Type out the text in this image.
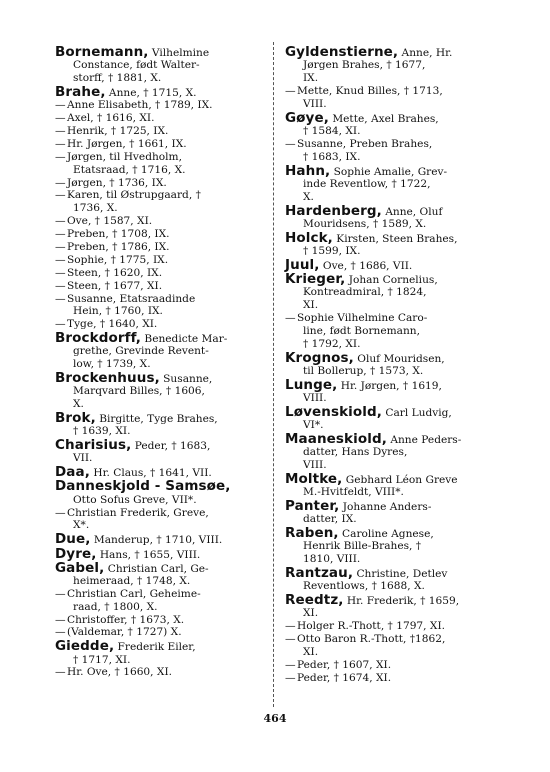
Bornemann, Vilhelmine
Constance, født Walter-
storff, † 1881, X.
Brahe, Anne, † 1715, X.
—Anne Elisabeth, † 1789, IX.
—Axel, † 1616, XI.
—Henrik, † 1725, IX.
—Hr. Jørgen, † 1661, IX.
—Jørgen, til Hvedholm,
Etatsraad, † 1716, X.
—Jørgen, † 1736, IX.
—Karen, til Østrupgaard, †
1736, X.
—Ove, † 1587, XI.
—Preben, † 1708, IX.
—Preben, † 1786, IX.
—Sophie, † 1775, IX.
—Steen, † 1620, IX.
—Steen, † 1677, XI.
—Susanne, Etatsraadinde
Hein, † 1760, IX.
—Tyge, † 1640, XI.
Brockdorff, Benedicte Mar-
grethe, Grevinde Revent-
low, † 1739, X.
Brockenhuus, Susanne,
Marqvard Billes, † 1606,
X.
Brok, Birgitte, Tyge Brahes,
† 1639, XI.
Charisius, Peder, † 1683,
VII.
Daa, Hr. Claus, † 1641, VII.
Danneskjold - Samsøe,
Otto Sofus Greve, VII*.
—Christian Frederik, Greve,
X*.
Due, Manderup, † 1710, VIII.
Dyre, Hans, † 1655, VIII.
Gabel, Christian Carl, Ge-
heimeraad, † 1748, X.
—Christian Carl, Geheime-
raad, † 1800, X.
—Christoffer, † 1673, X.
—(Valdemar, † 1727) X.
Giedde, Frederik Eiler,
† 1717, XI.
—Hr. Ove, † 1660, XI.
Gyldenstierne, Anne, Hr.
Jørgen Brahes, † 1677,
IX.
—Mette, Knud Billes, † 1713,
VIII.
Gøye, Mette, Axel Brahes,
† 1584, XI.
—Susanne, Preben Brahes,
† 1683, IX.
Hahn, Sophie Amalie, Grev-
inde Reventlow, † 1722,
X.
Hardenberg, Anne, Oluf
Mouridsens, † 1589, X.
Holck, Kirsten, Steen Brahes,
† 1599, IX.
Juul, Ove, † 1686, VII.
Krieger, Johan Cornelius,
Kontreadmiral, † 1824,
XI.
—Sophie Vilhelmine Caro-
line, født Bornemann,
† 1792, XI.
Krognos, Oluf Mouridsen,
til Bollerup, † 1573, X.
Lunge, Hr. Jørgen, † 1619,
VIII.
Løvenskiold, Carl Ludvig,
VI*.
Maaneskiold, Anne Peders-
datter, Hans Dyres,
VIII.
Moltke, Gebhard Léon Greve
M.-Hvitfeldt, VIII*.
Panter, Johanne Anders-
datter, IX.
Raben, Caroline Agnese,
Henrik Bille-Brahes, †
1810, VIII.
Rantzau, Christine, Detlev
Reventlows, † 1688, X.
Reedtz, Hr. Frederik, † 1659,
XI.
—Holger R.-Thott, † 1797, XI.
—Otto Baron R.-Thott, †1862,
XI.
—Peder, † 1607, XI.
—Peder, † 1674, XI.
464
